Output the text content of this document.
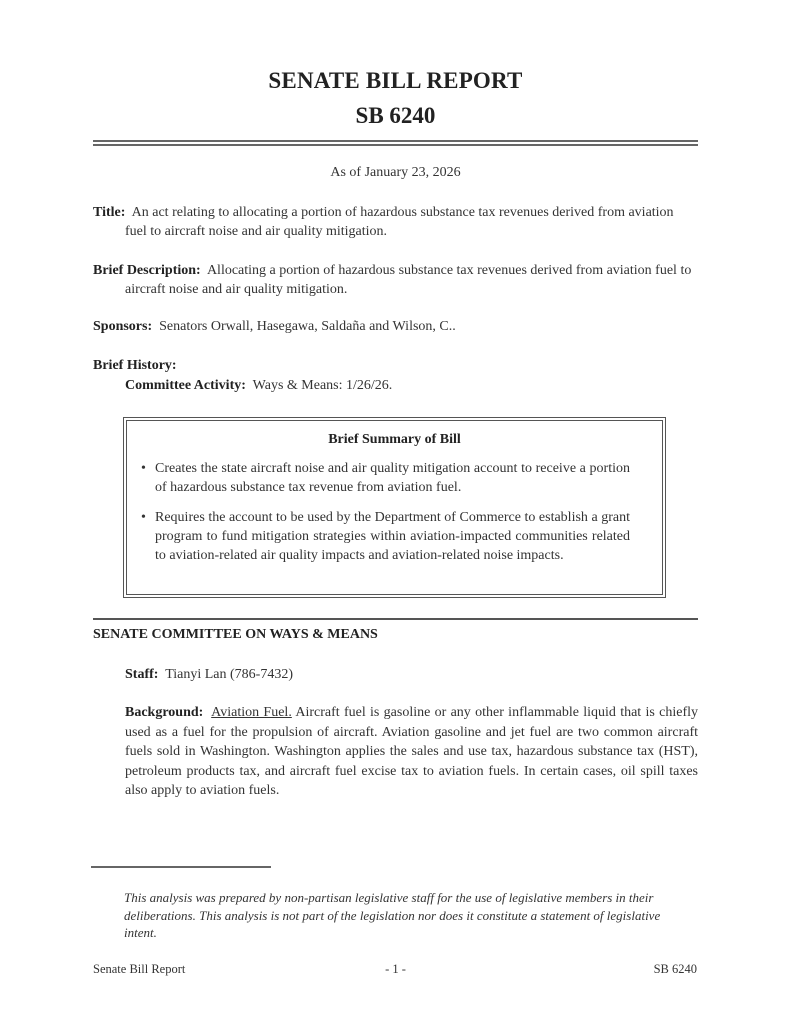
SENATE BILL REPORT
SB 6240
As of January 23, 2026
Title: An act relating to allocating a portion of hazardous substance tax revenues derived from aviation fuel to aircraft noise and air quality mitigation.
Brief Description: Allocating a portion of hazardous substance tax revenues derived from aviation fuel to aircraft noise and air quality mitigation.
Sponsors: Senators Orwall, Hasegawa, Saldaña and Wilson, C..
Brief History:
Committee Activity: Ways & Means: 1/26/26.
Brief Summary of Bill
• Creates the state aircraft noise and air quality mitigation account to receive a portion of hazardous substance tax revenue from aviation fuel.
• Requires the account to be used by the Department of Commerce to establish a grant program to fund mitigation strategies within aviation-impacted communities related to aviation-related air quality impacts and aviation-related noise impacts.
SENATE COMMITTEE ON WAYS & MEANS
Staff: Tianyi Lan (786-7432)
Background: Aviation Fuel. Aircraft fuel is gasoline or any other inflammable liquid that is chiefly used as a fuel for the propulsion of aircraft. Aviation gasoline and jet fuel are two common aircraft fuels sold in Washington. Washington applies the sales and use tax, hazardous substance tax (HST), petroleum products tax, and aircraft fuel excise tax to aviation fuels. In certain cases, oil spill taxes also apply to aviation fuels.
This analysis was prepared by non-partisan legislative staff for the use of legislative members in their deliberations. This analysis is not part of the legislation nor does it constitute a statement of legislative intent.
Senate Bill Report	- 1 -	SB 6240
